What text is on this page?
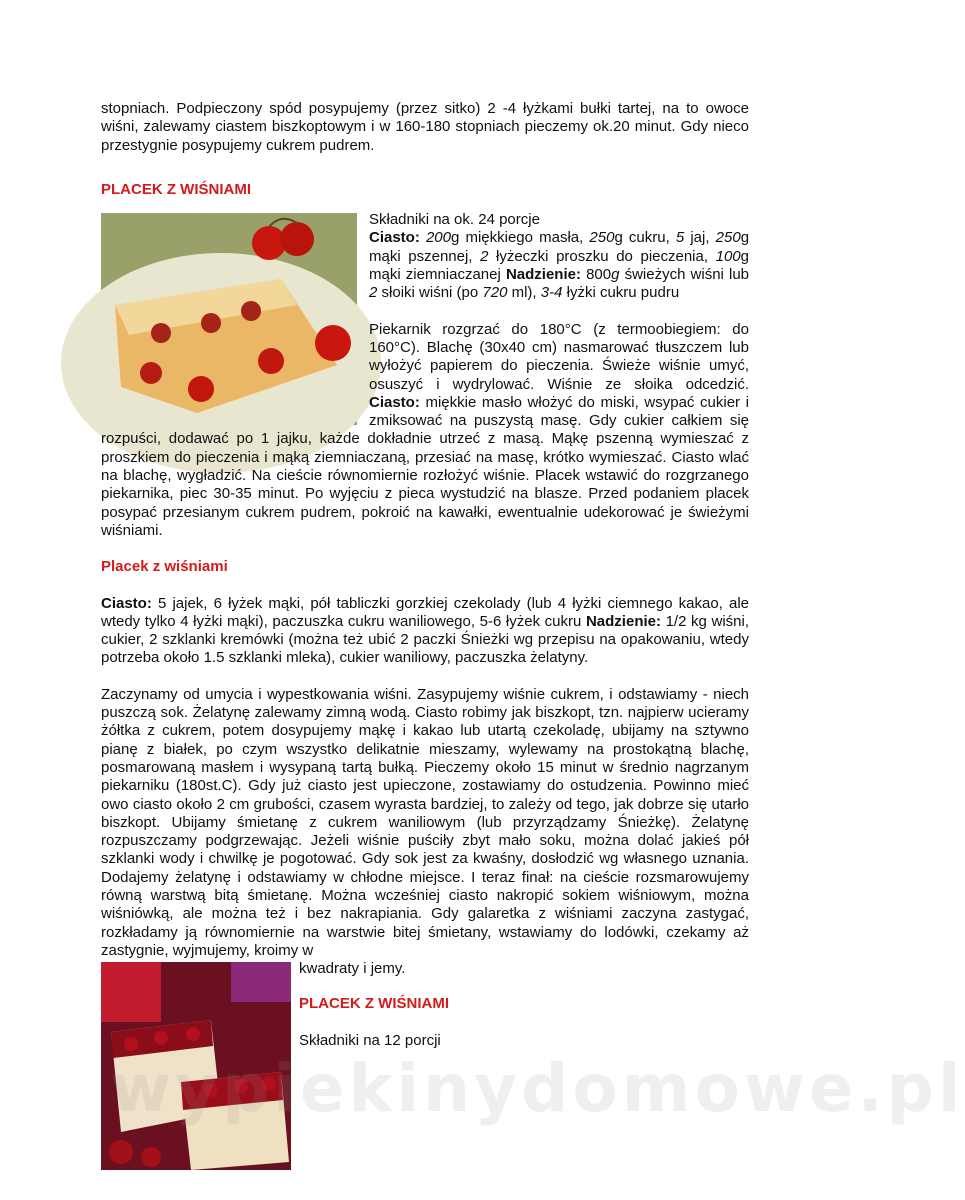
stopniach. Podpieczony spód posypujemy (przez sitko) 2 -4 łyżkami bułki tartej, na to owoce wiśni, zalewamy ciastem biszkoptowym i w 160-180 stopniach pieczemy ok.20 minut. Gdy nieco przestygnie posypujemy cukrem pudrem.

PLACEK Z WIŚNIAMI

Składniki na ok. 24 porcje

Ciasto: 200g miękkiego masła, 250g cukru, 5 jaj, 250g mąki pszennej, 2 łyżeczki proszku do pieczenia, 100g mąki ziemniaczanej Nadzienie: 800g świeżych wiśni lub 2 słoiki wiśni (po 720 ml), 3-4 łyżki cukru pudru

Piekarnik rozgrzać do 180°C (z termoobiegiem: do 160°C). Blachę (30x40 cm) nasmarować tłuszczem lub wyłożyć papierem do pieczenia. Świeże wiśnie umyć, osuszyć i wydrylować. Wiśnie ze słoika odcedzić. Ciasto: miękkie masło włożyć do miski, wsypać cukier i zmiksować na puszystą masę. Gdy cukier całkiem się rozpuści, dodawać po 1 jajku, każde dokładnie utrzeć z masą. Mąkę pszenną wymieszać z proszkiem do pieczenia i mąką ziemniaczaną, przesiać na masę, krótko wymieszać. Ciasto wlać na blachę, wygładzić. Na cieście równomiernie rozłożyć wiśnie. Placek wstawić do rozgrzanego piekarnika, piec 30-35 minut. Po wyjęciu z pieca wystudzić na blasze. Przed podaniem placek posypać przesianym cukrem pudrem, pokroić na kawałki, ewentualnie udekorować je świeżymi wiśniami.

Placek z wiśniami

Ciasto: 5 jajek, 6 łyżek mąki, pół tabliczki gorzkiej czekolady (lub 4 łyżki ciemnego kakao, ale wtedy tylko 4 łyżki mąki), paczuszka cukru waniliowego, 5-6 łyżek cukru Nadzienie: 1/2 kg wiśni, cukier, 2 szklanki kremówki (można też ubić 2 paczki Śnieżki wg przepisu na opakowaniu, wtedy potrzeba około 1.5 szklanki mleka), cukier waniliowy, paczuszka żelatyny.

Zaczynamy od umycia i wypestkowania wiśni. Zasypujemy wiśnie cukrem, i odstawiamy - niech puszczą sok. Żelatynę zalewamy zimną wodą. Ciasto robimy jak biszkopt, tzn. najpierw ucieramy żółtka z cukrem, potem dosypujemy mąkę i kakao lub utartą czekoladę, ubijamy na sztywno pianę z białek, po czym wszystko delikatnie mieszamy, wylewamy na prostokątną blachę, posmarowaną masłem i wysypaną tartą bułką. Pieczemy około 15 minut w średnio nagrzanym piekarniku (180st.C). Gdy już ciasto jest upieczone, zostawiamy do ostudzenia. Powinno mieć owo ciasto około 2 cm grubości, czasem wyrasta bardziej, to zależy od tego, jak dobrze się utarło biszkopt. Ubijamy śmietanę z cukrem waniliowym (lub przyrządzamy Śnieżkę). Żelatynę rozpuszczamy podgrzewając. Jeżeli wiśnie puściły zbyt mało soku, można dolać jakieś pół szklanki wody i chwilkę je pogotować. Gdy sok jest za kwaśny, dosłodzić wg własnego uznania. Dodajemy żelatynę i odstawiamy w chłodne miejsce. I teraz finał: na cieście rozsmarowujemy równą warstwą bitą śmietanę. Można wcześniej ciasto nakropić sokiem wiśniowym, można wiśniówką, ale można też i bez nakrapiania. Gdy galaretka z wiśniami zaczyna zastygać, rozkładamy ją równomiernie na warstwie bitej śmietany, wstawiamy do lodówki, czekamy aż zastygnie, wyjmujemy, kroimy w

kwadraty i jemy.

PLACEK Z WIŚNIAMI

Składniki na 12 porcji

wypiekinydomowe.pl
